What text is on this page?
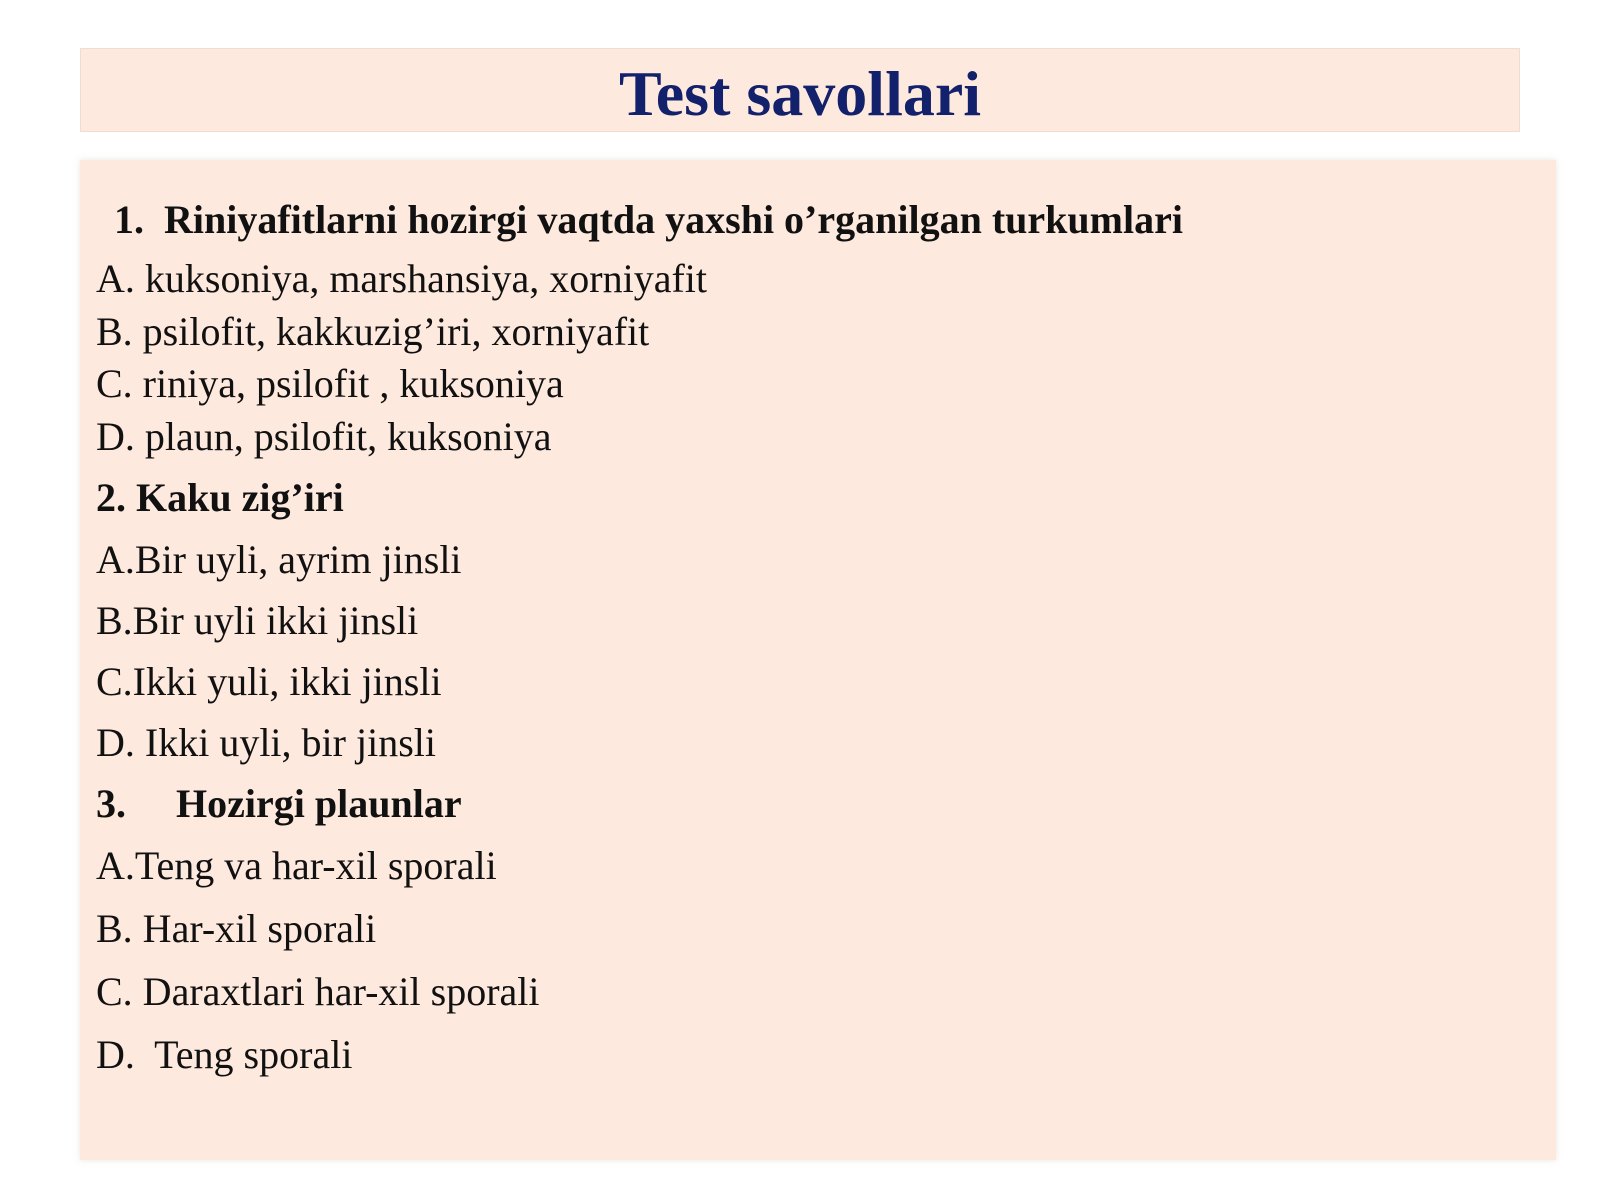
Test savollari

1. Riniyafitlarni hozirgi vaqtda yaxshi o’rganilgan turkumlari

A. kuksoniya, marshansiya, xorniyafit

B. psilofit, kakkuzig’iri, xorniyafit

C. riniya, psilofit , kuksoniya

D. plaun, psilofit, kuksoniya

2. Kaku zig’iri

A.Bir uyli, ayrim jinsli

B.Bir uyli ikki jinsli

C.Ikki yuli, ikki jinsli

D. Ikki uyli, bir jinsli

3. Hozirgi plaunlar

A.Teng va har-xil sporali

B. Har-xil sporali

C. Daraxtlari har-xil sporali

D.  Teng sporali
